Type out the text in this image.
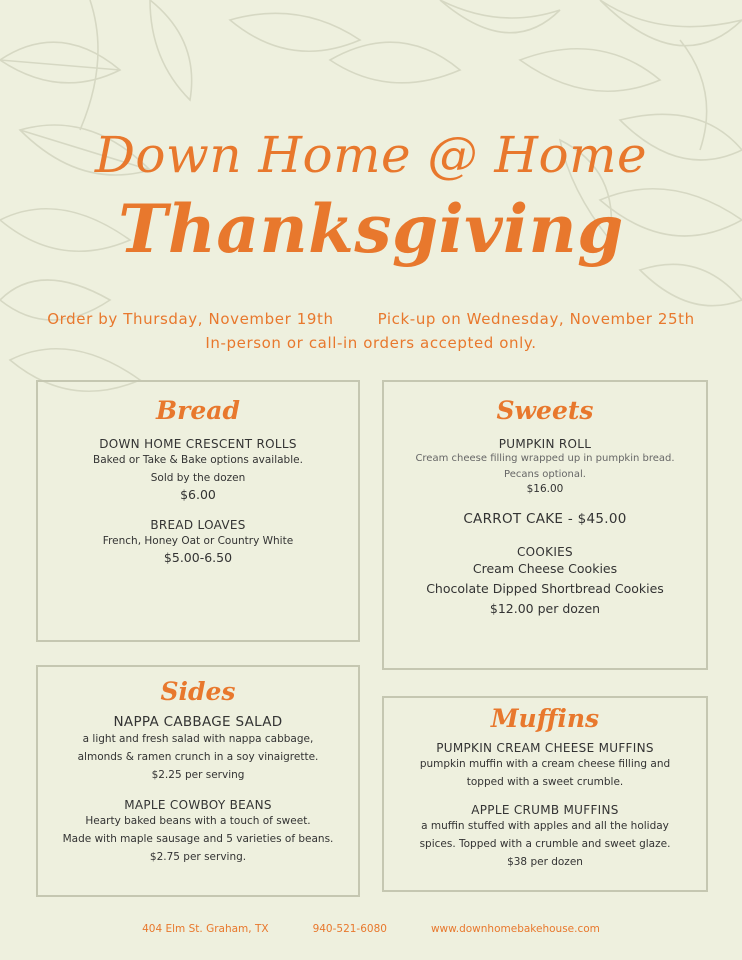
Down Home @ Home
Thanksgiving
Order by Thursday, November 19th	Pick-up on Wednesday, November 25th
In-person or call-in orders accepted only.
Bread
DOWN HOME CRESCENT ROLLS
Baked or Take & Bake options available.
Sold by the dozen
$6.00
BREAD LOAVES
French, Honey Oat or Country White
$5.00-6.50
Sweets
PUMPKIN ROLL
Cream cheese filling wrapped up in pumpkin bread.
Pecans optional.
$16.00
CARROT CAKE - $45.00
COOKIES
Cream Cheese Cookies
Chocolate Dipped Shortbread Cookies
$12.00 per dozen
Sides
NAPPA CABBAGE SALAD
a light and fresh salad with nappa cabbage,
almonds & ramen crunch in a soy vinaigrette.
$2.25 per serving
MAPLE COWBOY BEANS
Hearty baked beans with a touch of sweet.
Made with maple sausage and 5 varieties of beans.
$2.75 per serving.
Muffins
PUMPKIN CREAM CHEESE MUFFINS
pumpkin muffin with a cream cheese filling and
topped with a sweet crumble.
APPLE CRUMB MUFFINS
a muffin stuffed with apples and all the holiday
spices. Topped with a crumble and sweet glaze.
$38 per dozen
404 Elm St. Graham, TX	940-521-6080	www.downhomebakehouse.com
